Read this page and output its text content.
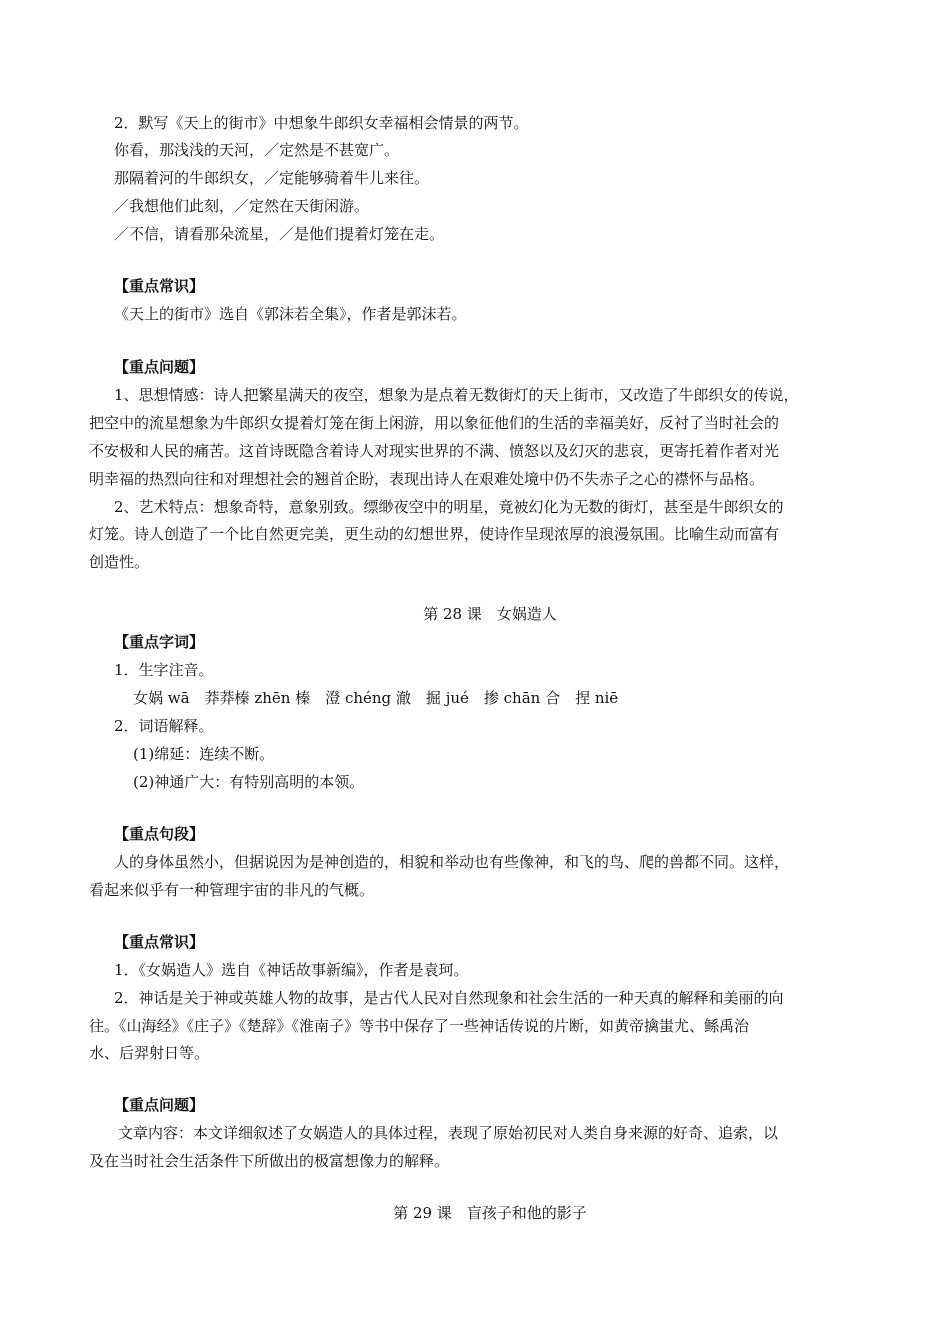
2．默写《天上的街市》中想象牛郎织女幸福相会情景的两节。
你看，那浅浅的天河，／定然是不甚宽广。
那隔着河的牛郎织女，／定能够骑着牛儿来往。
／我想他们此刻，／定然在天街闲游。
／不信，请看那朵流星，／是他们提着灯笼在走。
【重点常识】
《天上的街市》选自《郭沫若全集》，作者是郭沫若。
【重点问题】
1、思想情感：诗人把繁星满天的夜空，想象为是点着无数街灯的天上街市，又改造了牛郎织女的传说，
把空中的流星想象为牛郎织女提着灯笼在街上闲游，用以象征他们的生活的幸福美好，反衬了当时社会的
不安极和人民的痛苦。这首诗既隐含着诗人对现实世界的不满、愤怒以及幻灭的悲哀，更寄托着作者对光
明幸福的热烈向往和对理想社会的翘首企盼，表现出诗人在艰难处境中仍不失赤子之心的襟怀与品格。
2、艺术特点：想象奇特，意象别致。缥缈夜空中的明星，竟被幻化为无数的街灯，甚至是牛郎织女的
灯笼。诗人创造了一个比自然更完美，更生动的幻想世界，使诗作呈现浓厚的浪漫氛围。比喻生动而富有
创造性。
第 28 课　女娲造人
【重点字词】
1．生字注音。
女娲 wā　莽莽榛 zhēn 榛　澄 chéng 澈　掘 jué　掺 chān 合　捏 niē
2．词语解释。
(1)绵延：连续不断。
(2)神通广大：有特别高明的本领。
【重点句段】
人的身体虽然小，但据说因为是神创造的，相貌和举动也有些像神，和飞的鸟、爬的兽都不同。这样，
看起来似乎有一种管理宇宙的非凡的气概。
【重点常识】
1．《女娲造人》选自《神话故事新编》，作者是袁珂。
2．神话是关于神或英雄人物的故事，是古代人民对自然现象和社会生活的一种天真的解释和美丽的向
往。《山海经》《庄子》《楚辞》《淮南子》等书中保存了一些神话传说的片断，如黄帝擒蚩尤、鲧禹治
水、后羿射日等。
【重点问题】
文章内容：本文详细叙述了女娲造人的具体过程，表现了原始初民对人类自身来源的好奇、追索，以
及在当时社会生活条件下所做出的极富想像力的解释。
第 29 课　盲孩子和他的影子
